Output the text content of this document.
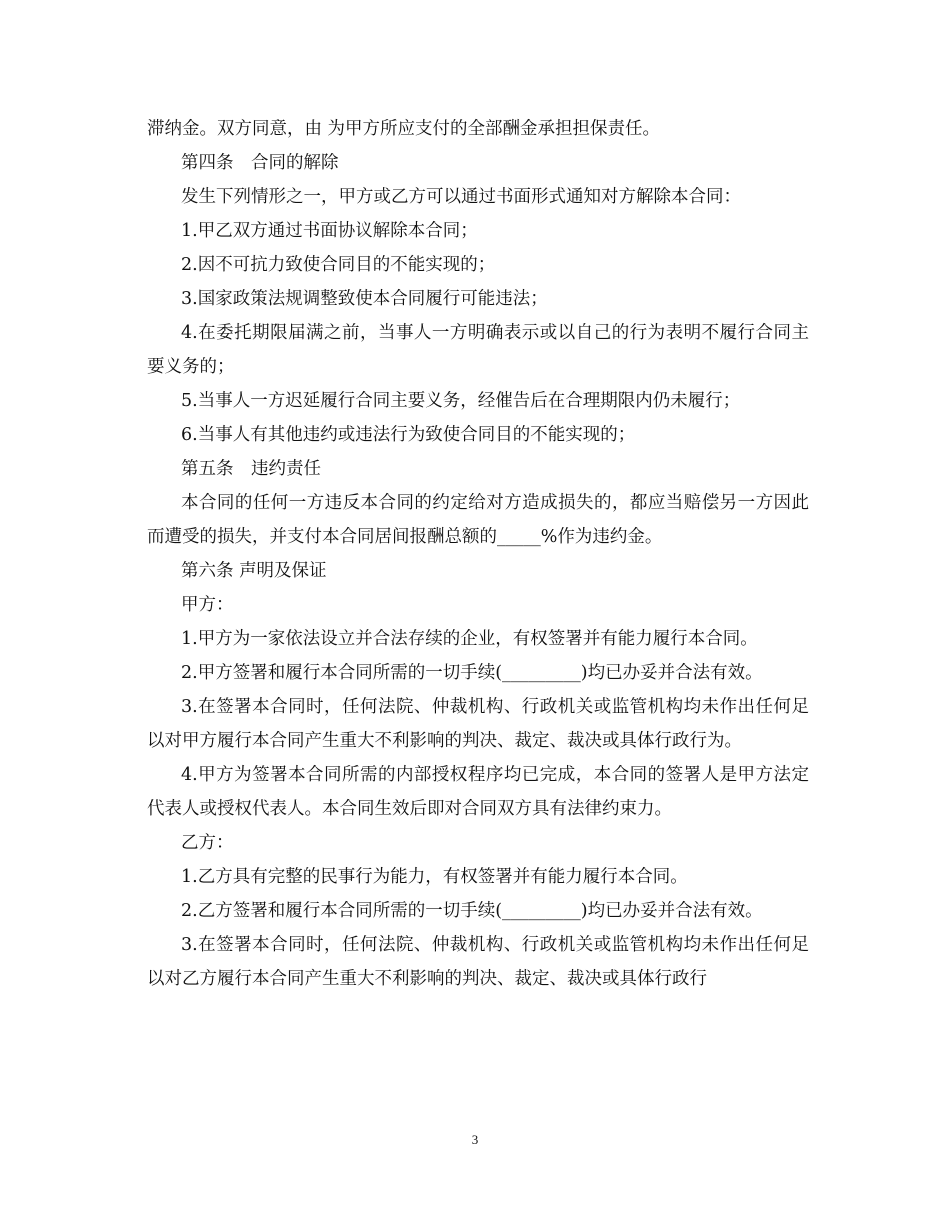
滞纳金。双方同意，由 为甲方所应支付的全部酬金承担担保责任。

第四条　合同的解除

发生下列情形之一，甲方或乙方可以通过书面形式通知对方解除本合同：

1.甲乙双方通过书面协议解除本合同；

2.因不可抗力致使合同目的不能实现的；

3.国家政策法规调整致使本合同履行可能违法；

4.在委托期限届满之前，当事人一方明确表示或以自己的行为表明不履行合同主要义务的；

5.当事人一方迟延履行合同主要义务，经催告后在合理期限内仍未履行；

6.当事人有其他违约或违法行为致使合同目的不能实现的；

第五条　违约责任

本合同的任何一方违反本合同的约定给对方造成损失的，都应当赔偿另一方因此而遭受的损失，并支付本合同居间报酬总额的_____%作为违约金。

第六条 声明及保证

甲方：

1.甲方为一家依法设立并合法存续的企业，有权签署并有能力履行本合同。

2.甲方签署和履行本合同所需的一切手续(_________)均已办妥并合法有效。

3.在签署本合同时，任何法院、仲裁机构、行政机关或监管机构均未作出任何足以对甲方履行本合同产生重大不利影响的判决、裁定、裁决或具体行政行为。

4.甲方为签署本合同所需的内部授权程序均已完成，本合同的签署人是甲方法定代表人或授权代表人。本合同生效后即对合同双方具有法律约束力。

乙方：

1.乙方具有完整的民事行为能力，有权签署并有能力履行本合同。

2.乙方签署和履行本合同所需的一切手续(_________)均已办妥并合法有效。

3.在签署本合同时，任何法院、仲裁机构、行政机关或监管机构均未作出任何足以对乙方履行本合同产生重大不利影响的判决、裁定、裁决或具体行政行

3
